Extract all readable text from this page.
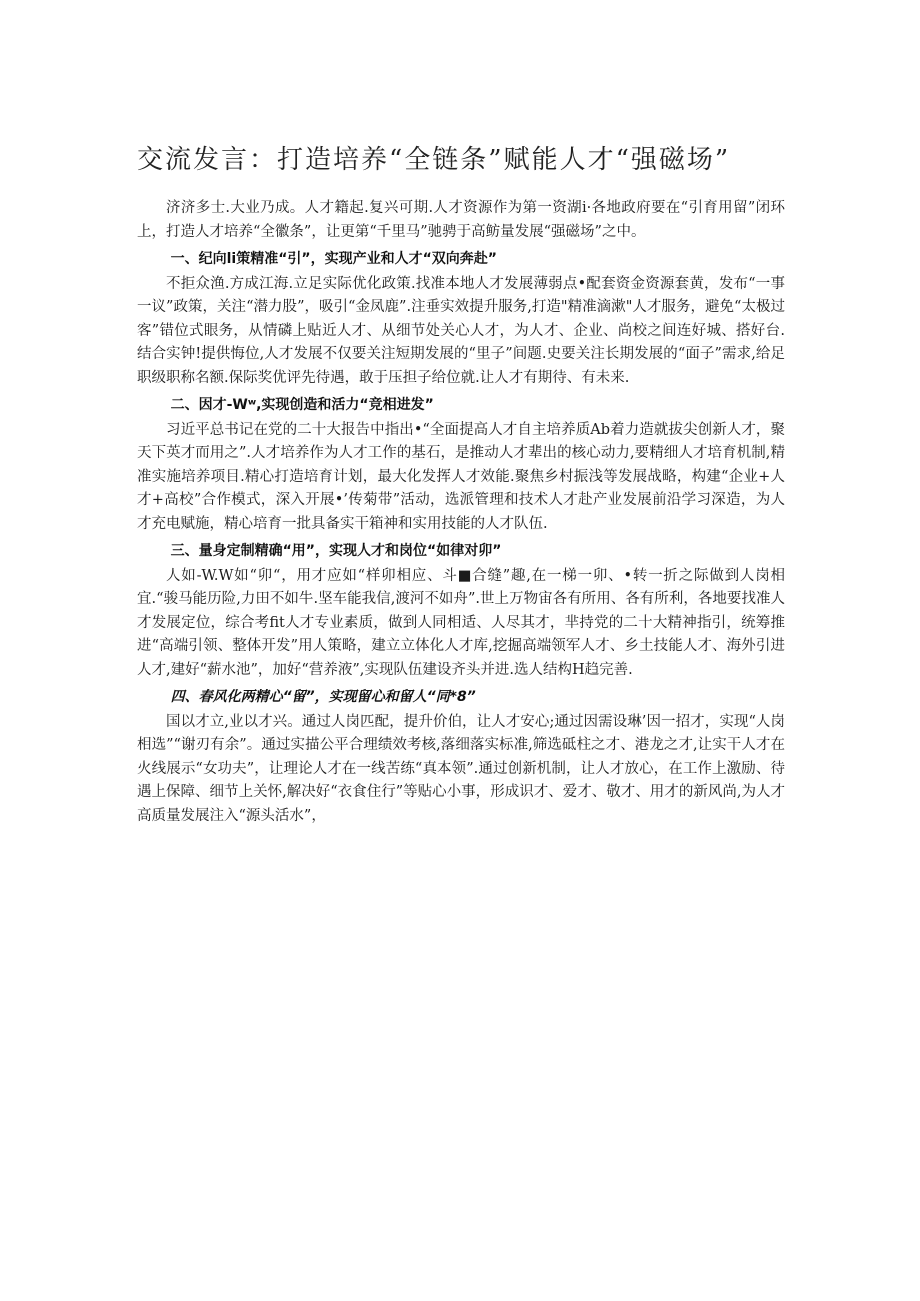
交流发言：打造培养“全链条”赋能人才“强磁场”

济济多士.大业乃成。人才籍起.复兴可期.人才资源作为第一资湖i·各地政府要在“引育用留”闭环上，打造人才培养“全徽条”，让更第“千里马”驰骋于高鲂量发展“强磁场”之中。

一、纪向li策精准“引”，实现产业和人才“双向奔赴”

不拒众渔.方成江海.立足实际优化政策.找准本地人才发展薄弱点•配套资金资源套黄，发布“一事一议”政策，关注“潜力股”，吸引“金凤鹿”.注垂实效提升服务,打造"精准滴漱"人才服务，避免“太极过客”错位式眼务，从情磷上贴近人才、从细节处关心人才，为人才、企业、尚校之间连好城、搭好台.结合实钟!提供悔位,人才发展不仅要关注短期发展的“里子”间题.史要关注长期发展的“面子”需求,给足职级职称名额.保际奖优评先待遇，敢于压担子给位就.让人才有期待、有未来.

二、因才-Wʷ,实现创造和活力“竞相进发”

习近平总书记在党的二十大报告中指出•“全面提高人才自主培养质Ab着力造就拔尖创新人才，聚天下英才而用之”.人才培养作为人才工作的基石，是推动人才辈出的核心动力,要精细人才培育机制,精准实施培养项目.精心打造培育计划，最大化发挥人才效能.聚焦乡村振浅等发展战略，构建“企业+人才+高校”合作模式，深入开展•’传菊带”活动，选派管理和技术人才赴产业发展前沿学习深造，为人才充电赋施，精心培育一批具备实干箱神和实用技能的人才队伍.

三、量身定制精确“用”，实现人才和岗位“如律对卯”

人如-W.W如“卯“，用才应如“样卯相应、斗■合缝”趣,在一梯一卯、•转一折之际做到人岗相宜.“骏马能历险,力田不如牛.坚车能我信,渡河不如舟”.世上万物宙各有所用、各有所利，各地要找准人才发展定位，综合考fit人才专业素质，做到人同相适、人尽其才，芈持党的二十大精神指引，统筹推进“高端引领、整体开发”用人策略，建立立体化人才库,挖掘高端领军人才、乡土技能人才、海外引进人才,建好“薪水池”，加好“营养液”,实现队伍建设齐头并进.选人结构H趋完善.

四、春风化两精心“留”，实现留心和留人“同*8”

国以才立,业以才兴。通过人岗匹配，提升价伯，让人才安心;通过因需设琳’因一招才，实现“人岗相选”“谢刃有余”。通过实描公平合理绩效考核,落细落实标准,筛选砥柱之才、港龙之才,让实干人才在火线展示“女功夫”，让理论人才在一线苦练“真本领”.通过创新机制，让人才放心，在工作上激励、待遇上保障、细节上关怀,解决好“衣食住行”等贴心小事，形成识才、爱才、敬才、用才的新风尚,为人才高质量发展注入“源头活水”，
